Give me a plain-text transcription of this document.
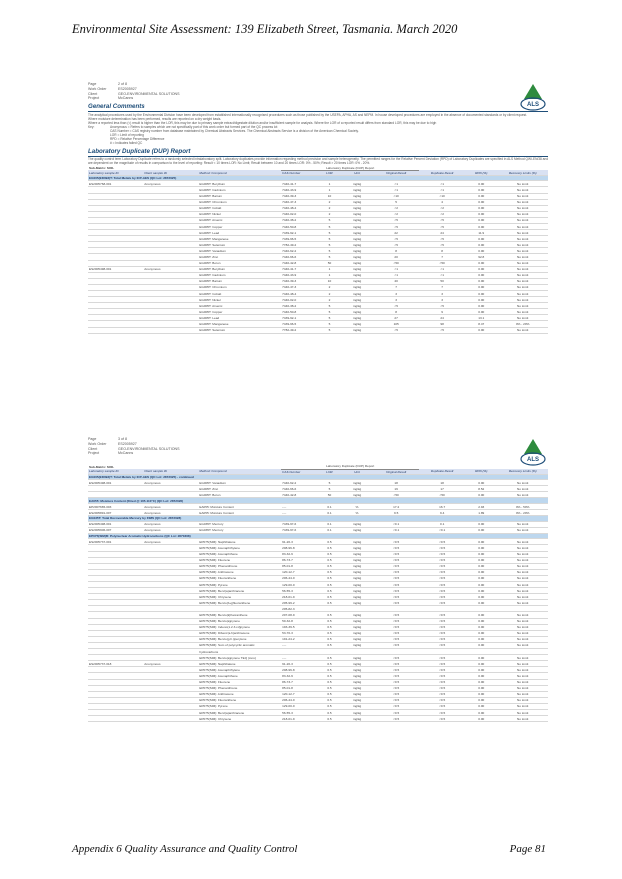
Environmental Site Assessment: 139 Elizabeth Street, Tasmania. March 2020
Page	2 of 8
Work Order	ES2005927
Client	GEO-ENVIRONMENTAL SOLUTIONS
Project	McCanns
ALS
General Comments
The analytical procedures used by the Environmental Division have been developed from established internationally recognised procedures such as those published by the USEPA, APHA, AS and NEPM. In house developed procedures are employed in the absence of documented standards or by client request.
Where moisture determination has been performed, results are reported on a dry weight basis.
Where a reported less than (<) result is higher than the LOR, this may be due to primary sample extract/digestate dilution and/or insufficient sample for analysis. Where the LOR of a reported result differs from standard LOR, this may be due to high
Key:	Anonymous = Refers to samples which are not specifically part of this work order but formed part of the QC process lot
CAS Number = CAS registry number from database maintained by Chemical Abstracts Services. The Chemical Abstracts Service is a division of the American Chemical Society.
LOR = Limit of reporting
RPD = Relative Percentage Difference
# = Indicates failed QC
Laboratory Duplicate (DUP) Report
The quality control term Laboratory Duplicate refers to a randomly selected intralaboratory split. Laboratory duplicates provide information regarding method precision and sample heterogeneity. The permitted ranges for the Relative Percent Deviation (RPD) of Laboratory Duplicates are specified in ALS Method QWI-EN/38 and are dependent on the magnitude of results in comparison to the level of reporting: Result < 10 times LOR: No Limit; Result between 10 and 20 times LOR: 0% - 50%; Result > 20 times LOR: 0% - 20%.
Sub-Matrix: SOIL			Laboratory Duplicate (DUP) Report						
Laboratory sample ID	Client sample ID	Method: Compound	CAS Number	LOR	Unit	Original Result	Duplicate Result	RPD (%)	Recovery Limits (%)
EG005(ED093)T: Total Metals by ICP-AES (QC Lot: 2872025)									
ES2005768-001	Anonymous	EG005T: Beryllium	7440-41-7	1	mg/kg	<1	<1	0.00	No Limit
		EG005T: Cadmium	7440-43-9	1	mg/kg	<1	<1	0.00	No Limit
		EG005T: Barium	7440-39-3	10	mg/kg	<10	<10	0.00	No Limit
		EG005T: Chromium	7440-47-3	2	mg/kg	5	4	0.00	No Limit
		EG005T: Cobalt	7440-48-4	2	mg/kg	<2	<2	0.00	No Limit
		EG005T: Nickel	7440-02-0	2	mg/kg	<2	<2	0.00	No Limit
		EG005T: Arsenic	7440-38-2	5	mg/kg	<5	<5	0.00	No Limit
		EG005T: Copper	7440-50-8	5	mg/kg	<5	<5	0.00	No Limit
		EG005T: Lead	7439-92-1	5	mg/kg	22	24	11.9	No Limit
		EG005T: Manganese	7439-96-5	5	mg/kg	<5	<5	0.00	No Limit
		EG005T: Selenium	7782-49-2	5	mg/kg	<5	<5	0.00	No Limit
		EG005T: Vanadium	7440-62-2	5	mg/kg	8	8	0.00	No Limit
		EG005T: Zinc	7440-66-6	5	mg/kg	20	7	92.8	No Limit
		EG005T: Boron	7440-42-8	50	mg/kg	<50	<50	0.00	No Limit
ES2005498-001	Anonymous	EG005T: Beryllium	7440-41-7	1	mg/kg	<1	<1	0.00	No Limit
		EG005T: Cadmium	7440-43-9	1	mg/kg	<1	<1	0.00	No Limit
		EG005T: Barium	7440-39-3	10	mg/kg	40	50	0.00	No Limit
		EG005T: Chromium	7440-47-3	2	mg/kg	7	7	0.00	No Limit
		EG005T: Cobalt	7440-48-4	2	mg/kg	3	3	0.00	No Limit
		EG005T: Nickel	7440-02-0	2	mg/kg	3	3	0.00	No Limit
		EG005T: Arsenic	7440-38-2	5	mg/kg	<5	<5	0.00	No Limit
		EG005T: Copper	7440-50-8	5	mg/kg	8	9	0.00	No Limit
		EG005T: Lead	7439-92-1	5	mg/kg	27	24	13.1	No Limit
		EG005T: Manganese	7439-96-5	5	mg/kg	105	98	8.47	0% - 20%
		EG005T: Selenium	7782-49-2	5	mg/kg	<5	<5	0.00	No Limit
Page	3 of 8
Work Order	ES2005927
Client	GEO-ENVIRONMENTAL SOLUTIONS
Project	McCanns
ALS
Sub-Matrix: SOIL			Laboratory Duplicate (DUP) Report						
Laboratory sample ID	Client sample ID	Method: Compound	CAS Number	LOR	Unit	Original Result	Duplicate Result	RPD (%)	Recovery Limits (%)
EG005(ED093)T: Total Metals by ICP-AES (QC Lot: 2872025) - continued									
ES2005498-001	Anonymous	EG005T: Vanadium	7440-62-2	5	mg/kg	18	18	0.00	No Limit
		EG005T: Zinc	7440-66-6	5	mg/kg	19	17	8.52	No Limit
		EG005T: Boron	7440-42-8	50	mg/kg	<50	<50	0.00	No Limit
EA055: Moisture Content (Dried @ 105-110°C) (QC Lot: 2872026)									
EP2007665-003	Anonymous	EA055: Moisture Content	----	0.1	%	17.2	16.7	2.93	0% - 50%
ES2005891-007	Anonymous	EA055: Moisture Content	----	0.1	%	9.5	9.4	1.89	0% - 20%
EG035T: Total Recoverable Mercury by FIMS (QC Lot: 2872028)									
ES2005498-001	Anonymous	EG035T: Mercury	7439-97-6	0.1	mg/kg	<0.1	0.1	0.00	No Limit
ES2005906-007	Anonymous	EG035T: Mercury	7439-97-6	0.1	mg/kg	<0.1	<0.1	0.00	No Limit
EP075(SIM)B: Polynuclear Aromatic Hydrocarbons (QC Lot: 2870368)									
ES2005737-001	Anonymous	EP075(SIM): Naphthalene	91-20-3	0.5	mg/kg	<0.5	<0.5	0.00	No Limit
		EP075(SIM): Acenaphthylene	208-96-8	0.5	mg/kg	<0.5	<0.5	0.00	No Limit
		EP075(SIM): Acenaphthene	83-32-9	0.5	mg/kg	<0.5	<0.5	0.00	No Limit
		EP075(SIM): Fluorene	86-73-7	0.5	mg/kg	<0.5	<0.5	0.00	No Limit
		EP075(SIM): Phenanthrene	85-01-8	0.5	mg/kg	<0.5	<0.5	0.00	No Limit
		EP075(SIM): Anthracene	120-12-7	0.5	mg/kg	<0.5	<0.5	0.00	No Limit
		EP075(SIM): Fluoranthene	206-44-0	0.5	mg/kg	<0.5	<0.5	0.00	No Limit
		EP075(SIM): Pyrene	129-00-0	0.5	mg/kg	<0.5	<0.5	0.00	No Limit
		EP075(SIM): Benz(a)anthracene	56-55-3	0.5	mg/kg	<0.5	<0.5	0.00	No Limit
		EP075(SIM): Chrysene	218-01-9	0.5	mg/kg	<0.5	<0.5	0.00	No Limit
		EP075(SIM): Benzo(b+j)fluoranthene	205-99-2	0.5	mg/kg	<0.5	<0.5	0.00	No Limit
			205-82-3						
		EP075(SIM): Benzo(k)fluoranthene	207-08-9	0.5	mg/kg	<0.5	<0.5	0.00	No Limit
		EP075(SIM): Benzo(a)pyrene	50-32-8	0.5	mg/kg	<0.5	<0.5	0.00	No Limit
		EP075(SIM): Indeno(1.2.3.cd)pyrene	193-39-5	0.5	mg/kg	<0.5	<0.5	0.00	No Limit
		EP075(SIM): Dibenz(a.h)anthracene	53-70-3	0.5	mg/kg	<0.5	<0.5	0.00	No Limit
		EP075(SIM): Benzo(g.h.i)perylene	191-24-2	0.5	mg/kg	<0.5	<0.5	0.00	No Limit
		EP075(SIM): Sum of polycyclic aromatic	----	0.5	mg/kg	<0.5	<0.5	0.00	No Limit
		hydrocarbons							
		EP075(SIM): Benzo(a)pyrene TEQ (zero)	----	0.5	mg/kg	<0.5	<0.5	0.00	No Limit
ES2005737-018	Anonymous	EP075(SIM): Naphthalene	91-20-3	0.5	mg/kg	<0.5	<0.5	0.00	No Limit
		EP075(SIM): Acenaphthylene	208-96-8	0.5	mg/kg	<0.5	<0.5	0.00	No Limit
		EP075(SIM): Acenaphthene	83-32-9	0.5	mg/kg	<0.5	<0.5	0.00	No Limit
		EP075(SIM): Fluorene	86-73-7	0.5	mg/kg	<0.5	<0.5	0.00	No Limit
		EP075(SIM): Phenanthrene	85-01-8	0.5	mg/kg	<0.5	<0.5	0.00	No Limit
		EP075(SIM): Anthracene	120-12-7	0.5	mg/kg	<0.5	<0.5	0.00	No Limit
		EP075(SIM): Fluoranthene	206-44-0	0.5	mg/kg	<0.5	<0.5	0.00	No Limit
		EP075(SIM): Pyrene	129-00-0	0.5	mg/kg	<0.5	<0.5	0.00	No Limit
		EP075(SIM): Benz(a)anthracene	56-55-3	0.5	mg/kg	<0.5	<0.5	0.00	No Limit
		EP075(SIM): Chrysene	218-01-9	0.5	mg/kg	<0.5	<0.5	0.00	No Limit
Appendix 6 Quality Assurance and Quality Control	Page 81
